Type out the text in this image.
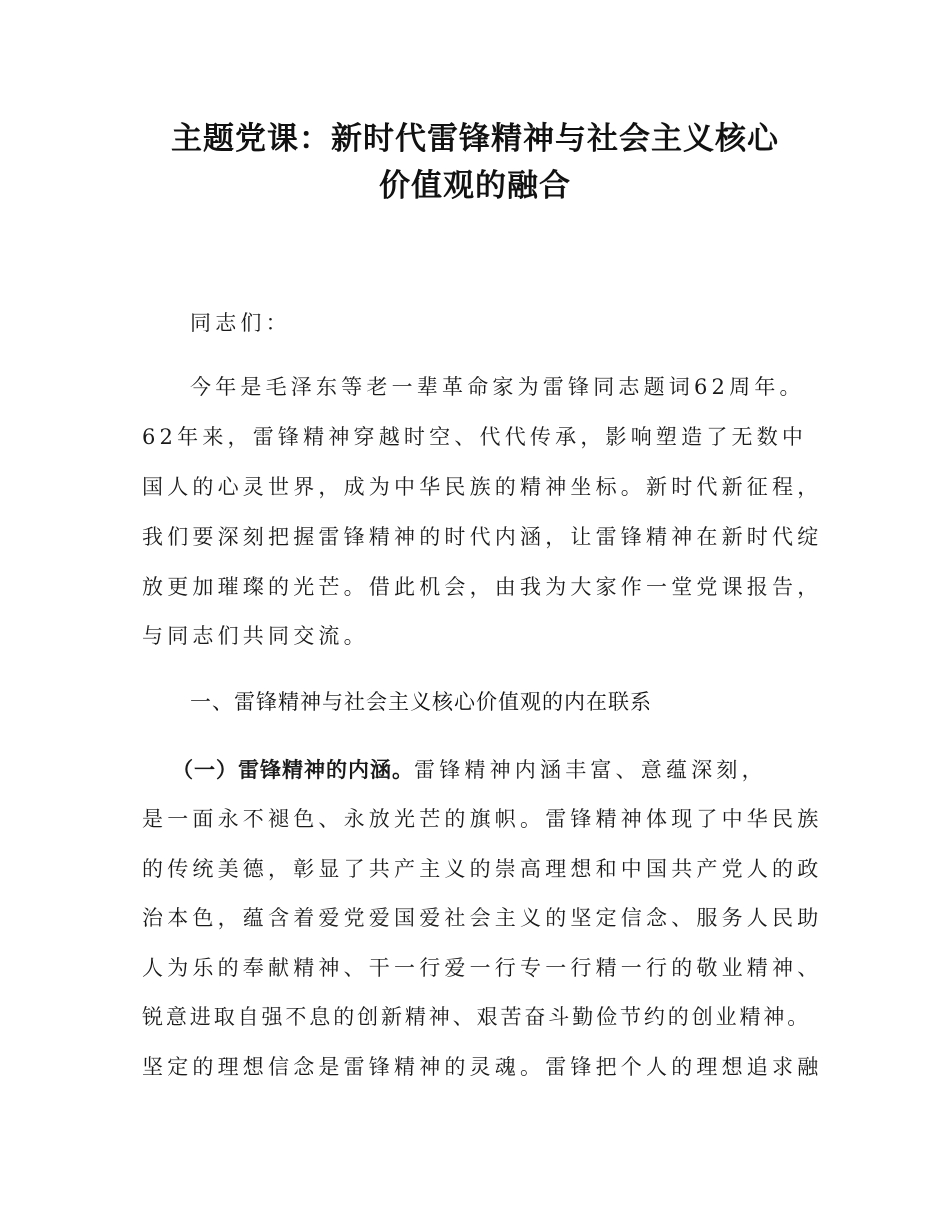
主题党课：新时代雷锋精神与社会主义核心
价值观的融合
同志们：
今年是毛泽东等老一辈革命家为雷锋同志题词62周年。
62年来，雷锋精神穿越时空、代代传承，影响塑造了无数中
国人的心灵世界，成为中华民族的精神坐标。新时代新征程，
我们要深刻把握雷锋精神的时代内涵，让雷锋精神在新时代绽
放更加璀璨的光芒。借此机会，由我为大家作一堂党课报告，
与同志们共同交流。
一、雷锋精神与社会主义核心价值观的内在联系
（一）雷锋精神的内涵。雷锋精神内涵丰富、意蕴深刻，
是一面永不褪色、永放光芒的旗帜。雷锋精神体现了中华民族
的传统美德，彰显了共产主义的崇高理想和中国共产党人的政
治本色，蕴含着爱党爱国爱社会主义的坚定信念、服务人民助
人为乐的奉献精神、干一行爱一行专一行精一行的敬业精神、
锐意进取自强不息的创新精神、艰苦奋斗勤俭节约的创业精神。
坚定的理想信念是雷锋精神的灵魂。雷锋把个人的理想追求融
